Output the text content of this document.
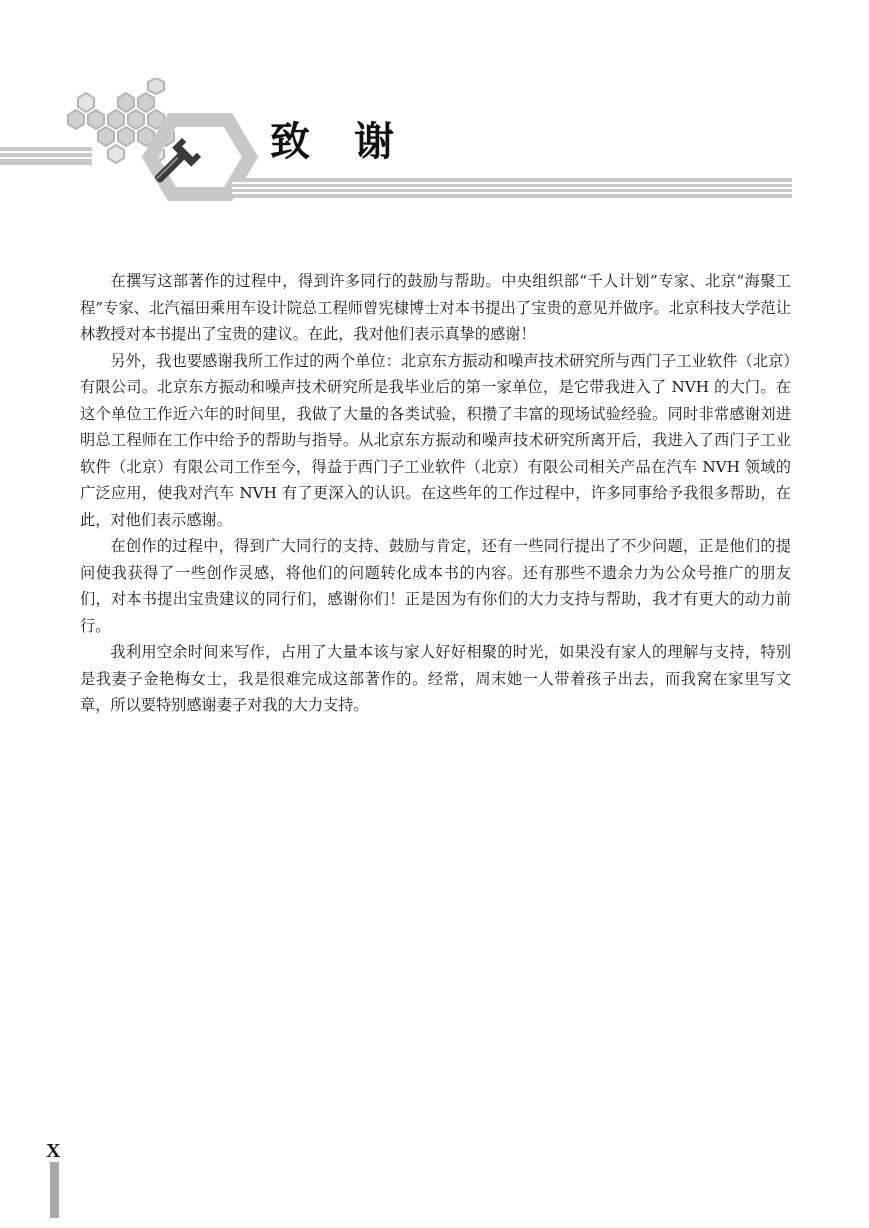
致谢

在撰写这部著作的过程中，得到许多同行的鼓励与帮助。中央组织部“千人计划”专家、北京“海聚工程”专家、北汽福田乘用车设计院总工程师曾宪棣博士对本书提出了宝贵的意见并做序。北京科技大学范让林教授对本书提出了宝贵的建议。在此，我对他们表示真挚的感谢！

另外，我也要感谢我所工作过的两个单位：北京东方振动和噪声技术研究所与西门子工业软件（北京）有限公司。北京东方振动和噪声技术研究所是我毕业后的第一家单位，是它带我进入了 NVH 的大门。在这个单位工作近六年的时间里，我做了大量的各类试验，积攒了丰富的现场试验经验。同时非常感谢刘进明总工程师在工作中给予的帮助与指导。从北京东方振动和噪声技术研究所离开后，我进入了西门子工业软件（北京）有限公司工作至今，得益于西门子工业软件（北京）有限公司相关产品在汽车 NVH 领域的广泛应用，使我对汽车 NVH 有了更深入的认识。在这些年的工作过程中，许多同事给予我很多帮助，在此，对他们表示感谢。

在创作的过程中，得到广大同行的支持、鼓励与肯定，还有一些同行提出了不少问题，正是他们的提问使我获得了一些创作灵感，将他们的问题转化成本书的内容。还有那些不遗余力为公众号推广的朋友们，对本书提出宝贵建议的同行们，感谢你们！正是因为有你们的大力支持与帮助，我才有更大的动力前行。

我利用空余时间来写作，占用了大量本该与家人好好相聚的时光，如果没有家人的理解与支持，特别是我妻子金艳梅女士，我是很难完成这部著作的。经常，周末她一人带着孩子出去，而我窝在家里写文章，所以要特别感谢妻子对我的大力支持。

X
